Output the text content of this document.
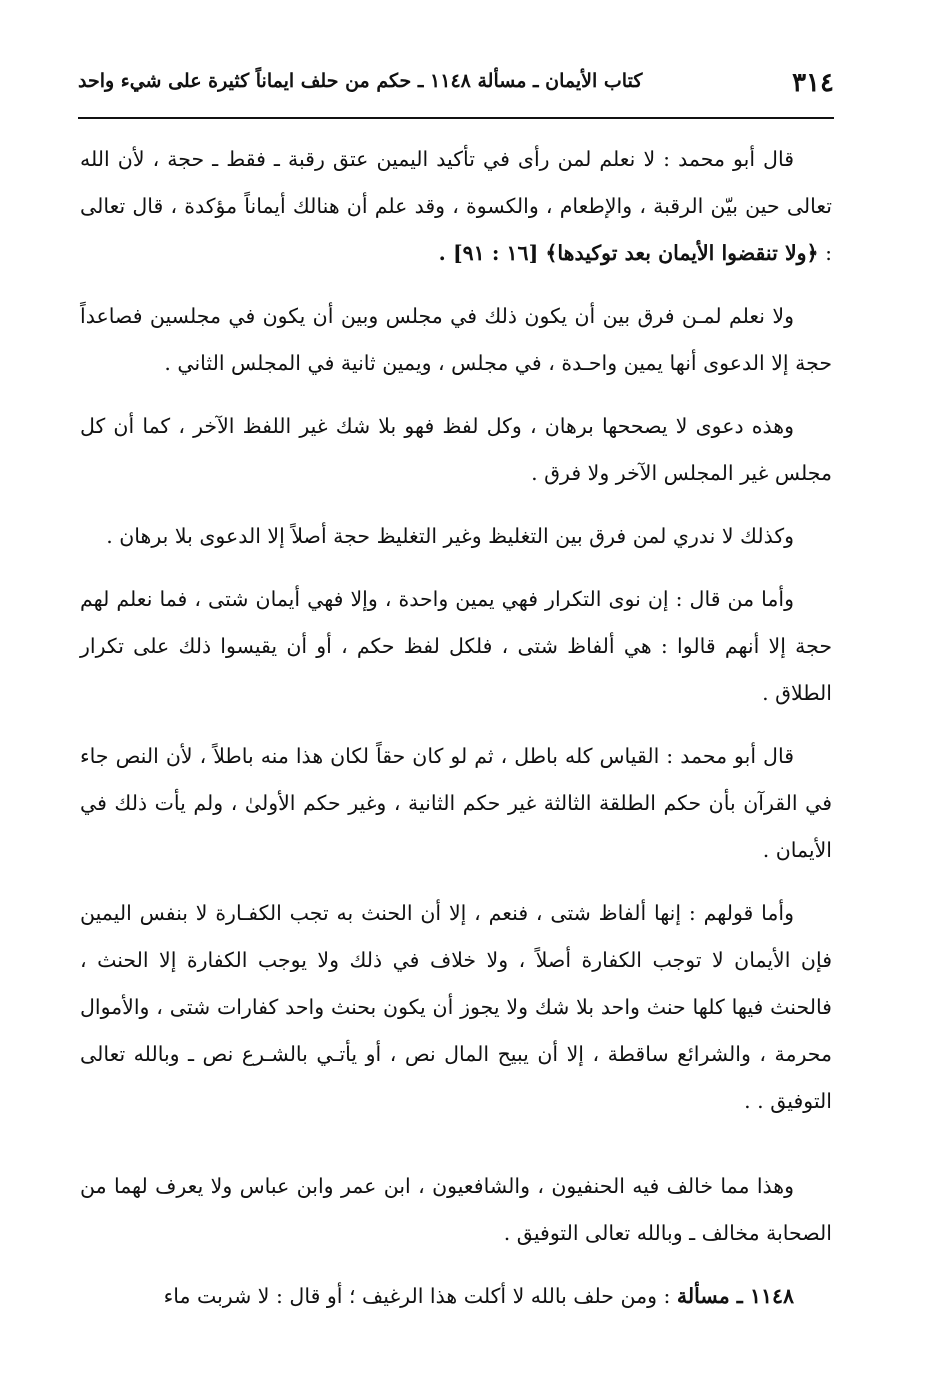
٣١٤
كتاب الأيمان ـ مسألة ١١٤٨ ـ حكم من حلف ايماناً كثيرة على شيء واحد

قال أبو محمد : لا نعلم لمن رأى في تأكيد اليمين عتق رقبة ـ فقط ـ حجة ، لأن الله تعالى حين بيّن الرقبة ، والإطعام ، والكسوة ، وقد علم أن هنالك أيماناً مؤكدة ، قال تعالى : ﴿ولا تنقضوا الأيمان بعد توكيدها﴾ [١٦ : ٩١] .

ولا نعلم لمـن فرق بين أن يكون ذلك في مجلس وبين أن يكون في مجلسين فصاعداً حجة إلا الدعوى أنها يمين واحـدة ، في مجلس ، ويمين ثانية في المجلس الثاني .

وهذه دعوى لا يصححها برهان ، وكل لفظ فهو بلا شك غير اللفظ الآخر ، كما أن كل مجلس غير المجلس الآخر ولا فرق .

وكذلك لا ندري لمن فرق بين التغليظ وغير التغليظ حجة أصلاً إلا الدعوى بلا برهان .

وأما من قال : إن نوى التكرار فهي يمين واحدة ، وإلا فهي أيمان شتى ، فما نعلم لهم حجة إلا أنهم قالوا : هي ألفاظ شتى ، فلكل لفظ حكم ، أو أن يقيسوا ذلك على تكرار الطلاق .

قال أبو محمد : القياس كله باطل ، ثم لو كان حقاً لكان هذا منه باطلاً ، لأن النص جاء في القرآن بأن حكم الطلقة الثالثة غير حكم الثانية ، وغير حكم الأولىٰ ، ولم يأت ذلك في الأيمان .

وأما قولهم : إنها ألفاظ شتى ، فنعم ، إلا أن الحنث به تجب الكفـارة لا بنفس اليمين فإن الأيمان لا توجب الكفارة أصلاً ، ولا خلاف في ذلك ولا يوجب الكفارة إلا الحنث ، فالحنث فيها كلها حنث واحد بلا شك ولا يجوز أن يكون بحنث واحد كفارات شتى ، والأموال محرمة ، والشرائع ساقطة ، إلا أن يبيح المال نص ، أو يأتـي بالشـرع نص ـ وبالله تعالى التوفيق . .

وهذا مما خالف فيه الحنفيون ، والشافعيون ، ابن عمر وابن عباس ولا يعرف لهما من الصحابة مخالف ـ وبالله تعالى التوفيق .

١١٤٨ ـ مسألة : ومن حلف بالله لا أكلت هذا الرغيف ؛ أو قال : لا شربت ماء
